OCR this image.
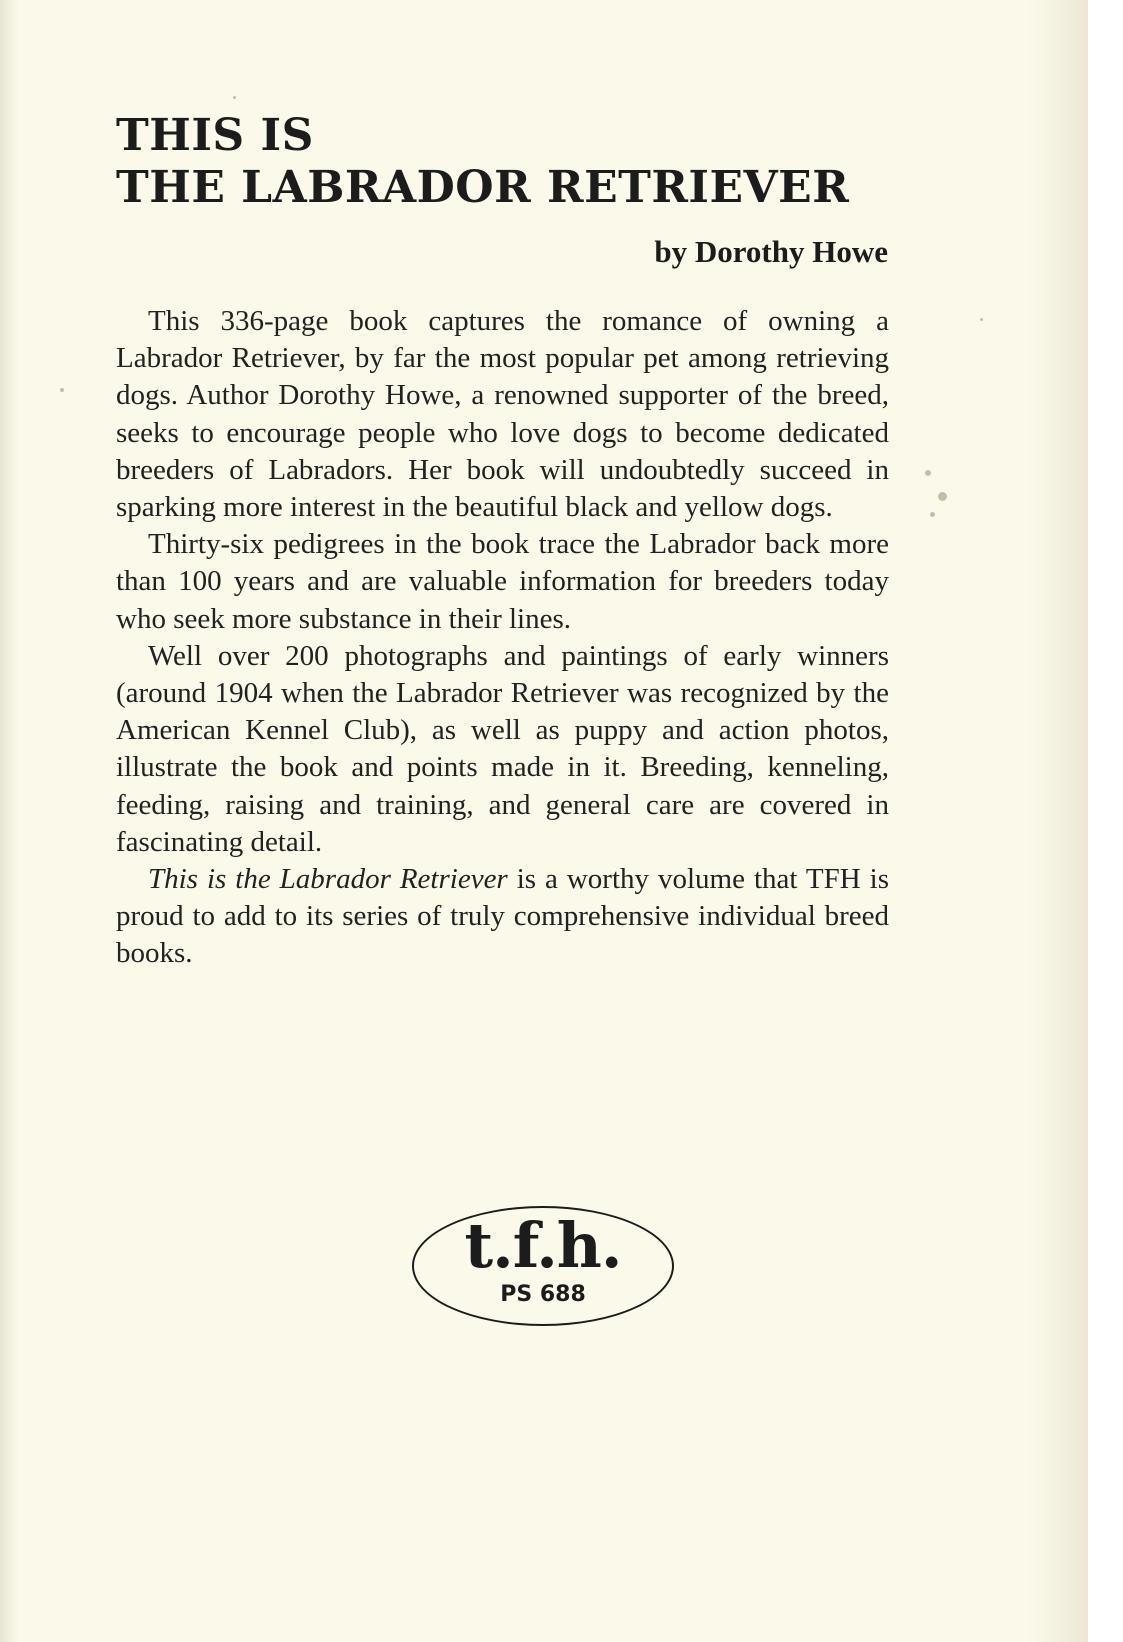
THIS IS
THE LABRADOR RETRIEVER

by Dorothy Howe

This 336-page book captures the romance of owning a Labrador Retriever, by far the most popular pet among retrieving dogs. Author Dorothy Howe, a renowned supporter of the breed, seeks to encourage people who love dogs to become dedicated breeders of Labradors. Her book will undoubtedly succeed in sparking more interest in the beautiful black and yellow dogs.

Thirty-six pedigrees in the book trace the Labrador back more than 100 years and are valuable information for breeders today who seek more substance in their lines.

Well over 200 photographs and paintings of early winners (around 1904 when the Labrador Retriever was recognized by the American Kennel Club), as well as puppy and action photos, illustrate the book and points made in it. Breeding, kenneling, feeding, raising and training, and general care are covered in fascinating detail.

This is the Labrador Retriever is a worthy volume that TFH is proud to add to its series of truly comprehensive individual breed books.

t.f.h.
PS 688
